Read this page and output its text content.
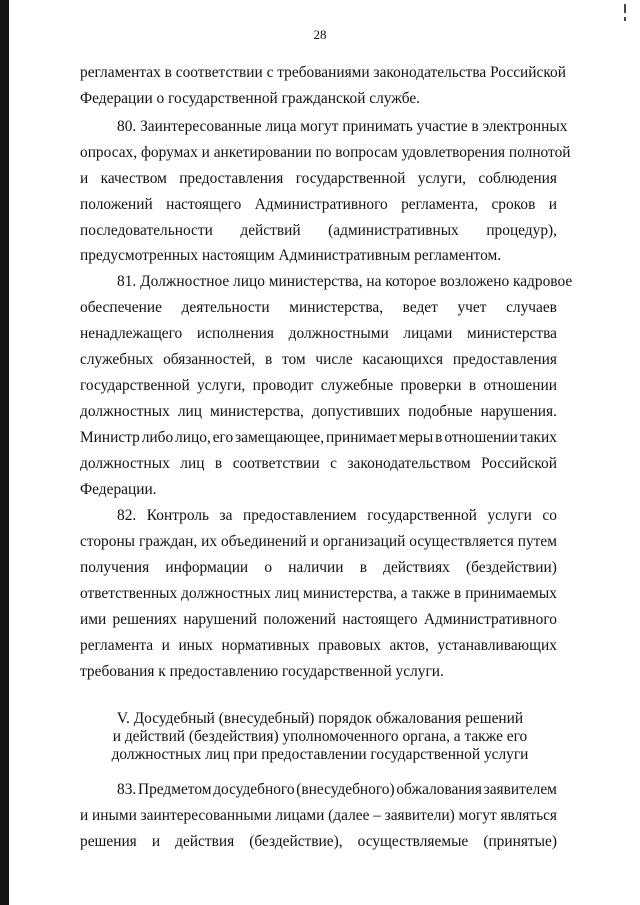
28
регламентах в соответствии с требованиями законодательства Российской
Федерации о государственной гражданской службе.
80. Заинтересованные лица могут принимать участие в электронных
опросах, форумах и анкетировании по вопросам удовлетворения полнотой
и качеством предоставления государственной услуги, соблюдения
положений настоящего Административного регламента, сроков и
последовательности действий (административных процедур),
предусмотренных настоящим Административным регламентом.
81. Должностное лицо министерства, на которое возложено кадровое
обеспечение деятельности министерства, ведет учет случаев
ненадлежащего исполнения должностными лицами министерства
служебных обязанностей, в том числе касающихся предоставления
государственной услуги, проводит служебные проверки в отношении
должностных лиц министерства, допустивших подобные нарушения.
Министр либо лицо, его замещающее, принимает меры в отношении таких
должностных лиц в соответствии с законодательством Российской
Федерации.
82. Контроль за предоставлением государственной услуги со
стороны граждан, их объединений и организаций осуществляется путем
получения информации о наличии в действиях (бездействии)
ответственных должностных лиц министерства, а также в принимаемых
ими решениях нарушений положений настоящего Административного
регламента и иных нормативных правовых актов, устанавливающих
требования к предоставлению государственной услуги.
V. Досудебный (внесудебный) порядок обжалования решений
и действий (бездействия) уполномоченного органа, а также его
должностных лиц при предоставлении государственной услуги
83. Предметом досудебного (внесудебного) обжалования заявителем
и иными заинтересованными лицами (далее – заявители) могут являться
решения и действия (бездействие), осуществляемые (принятые)
